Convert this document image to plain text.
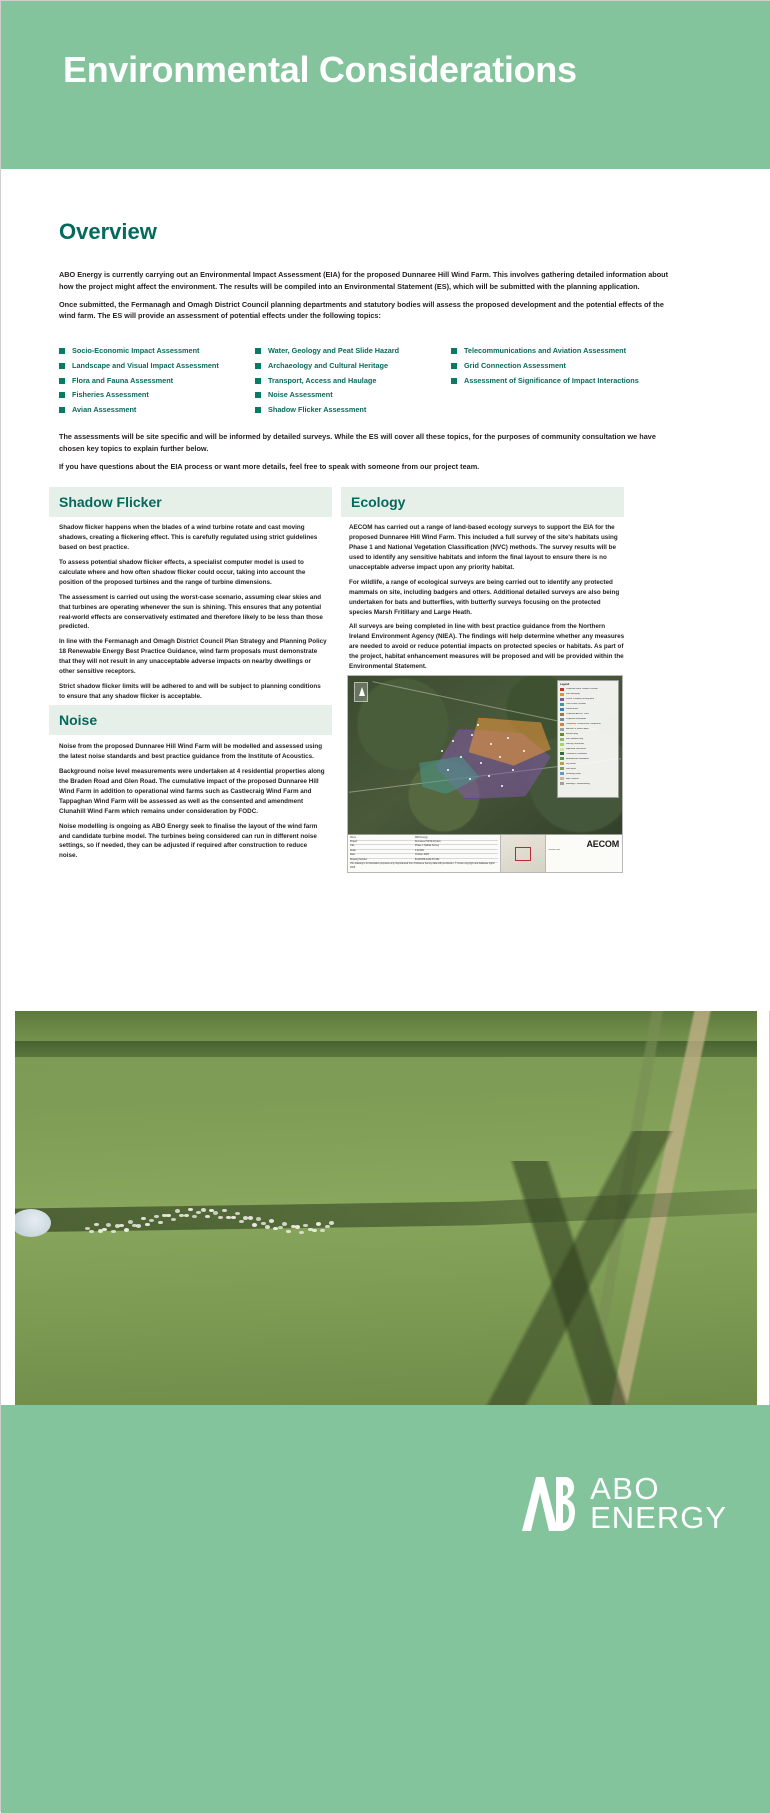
Environmental Considerations
Overview

ABO Energy is currently carrying out an Environmental Impact Assessment (EIA) for the proposed Dunnaree Hill Wind Farm. This involves gathering detailed information about how the project might affect the environment. The results will be compiled into an Environmental Statement (ES), which will be submitted with the planning application.

Once submitted, the Fermanagh and Omagh District Council planning departments and statutory bodies will assess the proposed development and the potential effects of the wind farm. The ES will provide an assessment of potential effects under the following topics:

Socio-Economic Impact Assessment
Landscape and Visual Impact Assessment
Flora and Fauna Assessment
Fisheries Assessment
Avian Assessment
Water, Geology and Peat Slide Hazard
Archaeology and Cultural Heritage
Transport, Access and Haulage
Noise Assessment
Shadow Flicker Assessment
Telecommunications and Aviation Assessment
Grid Connection Assessment
Assessment of Significance of Impact Interactions

The assessments will be site specific and will be informed by detailed surveys. While the ES will cover all these topics, for the purposes of community consultation we have chosen key topics to explain further below.

If you have questions about the EIA process or want more details, feel free to speak with someone from our project team.

Shadow Flicker

Shadow flicker happens when the blades of a wind turbine rotate and cast moving shadows, creating a flickering effect. This is carefully regulated using strict guidelines based on best practice.

To assess potential shadow flicker effects, a specialist computer model is used to calculate where and how often shadow flicker could occur, taking into account the position of the proposed turbines and the range of turbine dimensions.

The assessment is carried out using the worst-case scenario, assuming clear skies and that turbines are operating whenever the sun is shining. This ensures that any potential real-world effects are conservatively estimated and therefore likely to be less than those predicted.

In line with the Fermanagh and Omagh District Council Plan Strategy and Planning Policy 18 Renewable Energy Best Practice Guidance, wind farm proposals must demonstrate that they will not result in any unacceptable adverse impacts on nearby dwellings or other sensitive receptors.

Strict shadow flicker limits will be adhered to and will be subject to planning conditions to ensure that any shadow flicker is acceptable.

Ecology

AECOM has carried out a range of land-based ecology surveys to support the EIA for the proposed Dunnaree Hill Wind Farm. This included a full survey of the site's habitats using Phase 1 and National Vegetation Classification (NVC) methods. The survey results will be used to identify any sensitive habitats and inform the final layout to ensure there is no unacceptable adverse impact upon any priority habitat.

For wildlife, a range of ecological surveys are being carried out to identify any protected mammals on site, including badgers and otters. Additional detailed surveys are also being undertaken for bats and butterflies, with butterfly surveys focusing on the protected species Marsh Fritillary and Large Heath.

All surveys are being completed in line with best practice guidance from the Northern Ireland Environment Agency (NIEA). The findings will help determine whether any measures are needed to avoid or reduce potential impacts on protected species or habitats. As part of the project, habitat enhancement measures will be proposed and will be provided within the Environmental Statement.

Noise

Noise from the proposed Dunnaree Hill Wind Farm will be modelled and assessed using the latest noise standards and best practice guidance from the Institute of Acoustics.

Background noise level measurements were undertaken at 4 residential properties along the Braden Road and Glen Road. The cumulative impact of the proposed Dunnaree Hill Wind Farm in addition to operational wind farms such as Castlecraig Wind Farm and Tappaghan Wind Farm will be assessed as well as the consented and amendment Clunahill Wind Farm which remains under consideration by FODC.

Noise modelling is ongoing as ABO Energy seek to finalise the layout of the wind farm and candidate turbine model. The turbines being considered can run in different noise settings, so if needed, they can be adjusted if required after construction to reduce noise.

Legend
Proposed Wind Turbine Location
Site Boundary
Phase 1 Habitat Survey Area
Peat Probe Location
Watercourse
Proposed Access Track
Proposed Substation
Temporary Construction Compound
Borrow Pit Search Area
Blanket Bog
Wet Modified Bog
Marshy Grassland
Improved Grassland
Coniferous Plantation
Broadleaved Woodland
Dry Heath
Wet Heath
Standing Water
Bare Ground
Buildings / Hardstanding
Client	ABO Energy
Project	Dunnaree Hill Wind Farm
Title	Phase 1 Habitat Survey
Scale	1:20,000
Date	October 2025
Drawing Number	60123456-ACM-XX-001
This drawing is for illustration purposes only. Reproduced from Ordnance Survey data with permission. © Crown copyright and database rights 2025.
AECOM
aecom.com
ABO
ENERGY
